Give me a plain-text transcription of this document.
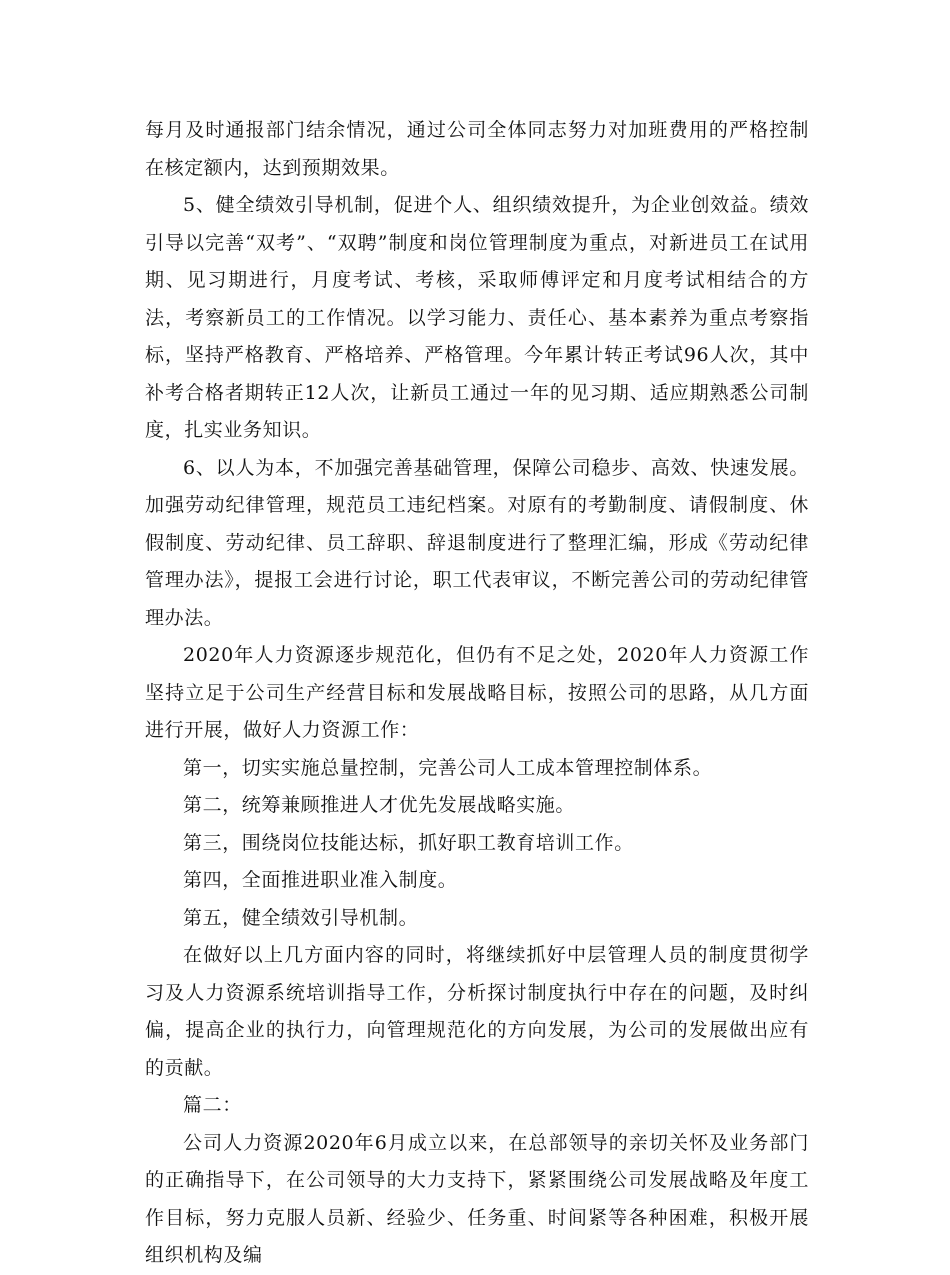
每月及时通报部门结余情况，通过公司全体同志努力对加班费用的严格控制在核定额内，达到预期效果。

5、健全绩效引导机制，促进个人、组织绩效提升，为企业创效益。绩效引导以完善“双考”、“双聘”制度和岗位管理制度为重点，对新进员工在试用期、见习期进行，月度考试、考核，采取师傅评定和月度考试相结合的方法，考察新员工的工作情况。以学习能力、责任心、基本素养为重点考察指标，坚持严格教育、严格培养、严格管理。今年累计转正考试96人次，其中补考合格者期转正12人次，让新员工通过一年的见习期、适应期熟悉公司制度，扎实业务知识。

6、以人为本，不加强完善基础管理，保障公司稳步、高效、快速发展。加强劳动纪律管理，规范员工违纪档案。对原有的考勤制度、请假制度、休假制度、劳动纪律、员工辞职、辞退制度进行了整理汇编，形成《劳动纪律管理办法》，提报工会进行讨论，职工代表审议，不断完善公司的劳动纪律管理办法。

2020年人力资源逐步规范化，但仍有不足之处，2020年人力资源工作坚持立足于公司生产经营目标和发展战略目标，按照公司的思路，从几方面进行开展，做好人力资源工作：

第一，切实实施总量控制，完善公司人工成本管理控制体系。

第二，统筹兼顾推进人才优先发展战略实施。

第三，围绕岗位技能达标，抓好职工教育培训工作。

第四，全面推进职业准入制度。

第五，健全绩效引导机制。

在做好以上几方面内容的同时，将继续抓好中层管理人员的制度贯彻学习及人力资源系统培训指导工作，分析探讨制度执行中存在的问题，及时纠偏，提高企业的执行力，向管理规范化的方向发展，为公司的发展做出应有的贡献。

篇二：

公司人力资源2020年6月成立以来，在总部领导的亲切关怀及业务部门的正确指导下，在公司领导的大力支持下，紧紧围绕公司发展战略及年度工作目标，努力克服人员新、经验少、任务重、时间紧等各种困难，积极开展组织机构及编
